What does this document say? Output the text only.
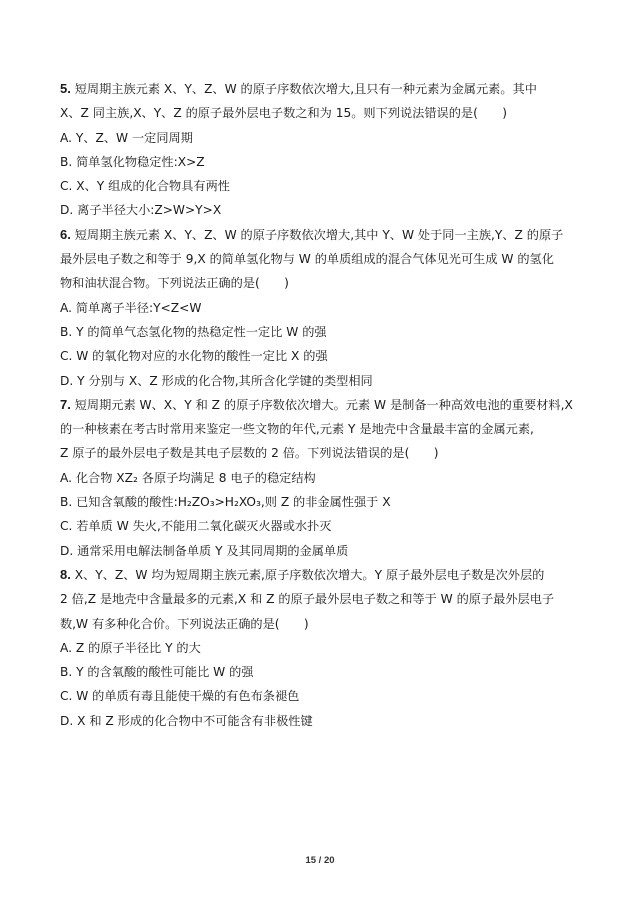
5. 短周期主族元素 X、Y、Z、W 的原子序数依次增大,且只有一种元素为金属元素。其中
X、Z 同主族,X、Y、Z 的原子最外层电子数之和为 15。则下列说法错误的是(　　)
A. Y、Z、W 一定同周期
B. 简单氢化物稳定性:X>Z
C. X、Y 组成的化合物具有两性
D. 离子半径大小:Z>W>Y>X
6. 短周期主族元素 X、Y、Z、W 的原子序数依次增大,其中 Y、W 处于同一主族,Y、Z 的原子
最外层电子数之和等于 9,X 的简单氢化物与 W 的单质组成的混合气体见光可生成 W 的氢化
物和油状混合物。下列说法正确的是(　　)
A. 简单离子半径:Y<Z<W
B. Y 的简单气态氢化物的热稳定性一定比 W 的强
C. W 的氧化物对应的水化物的酸性一定比 X 的强
D. Y 分别与 X、Z 形成的化合物,其所含化学键的类型相同
7. 短周期元素 W、X、Y 和 Z 的原子序数依次增大。元素 W 是制备一种高效电池的重要材料,X
的一种核素在考古时常用来鉴定一些文物的年代,元素 Y 是地壳中含量最丰富的金属元素,
Z 原子的最外层电子数是其电子层数的 2 倍。下列说法错误的是(　　)
A. 化合物 XZ₂ 各原子均满足 8 电子的稳定结构
B. 已知含氧酸的酸性:H₂ZO₃>H₂XO₃,则 Z 的非金属性强于 X
C. 若单质 W 失火,不能用二氧化碳灭火器或水扑灭
D. 通常采用电解法制备单质 Y 及其同周期的金属单质
8. X、Y、Z、W 均为短周期主族元素,原子序数依次增大。Y 原子最外层电子数是次外层的
2 倍,Z 是地壳中含量最多的元素,X 和 Z 的原子最外层电子数之和等于 W 的原子最外层电子
数,W 有多种化合价。下列说法正确的是(　　)
A. Z 的原子半径比 Y 的大
B. Y 的含氧酸的酸性可能比 W 的强
C. W 的单质有毒且能使干燥的有色布条褪色
D. X 和 Z 形成的化合物中不可能含有非极性键
15 / 20
